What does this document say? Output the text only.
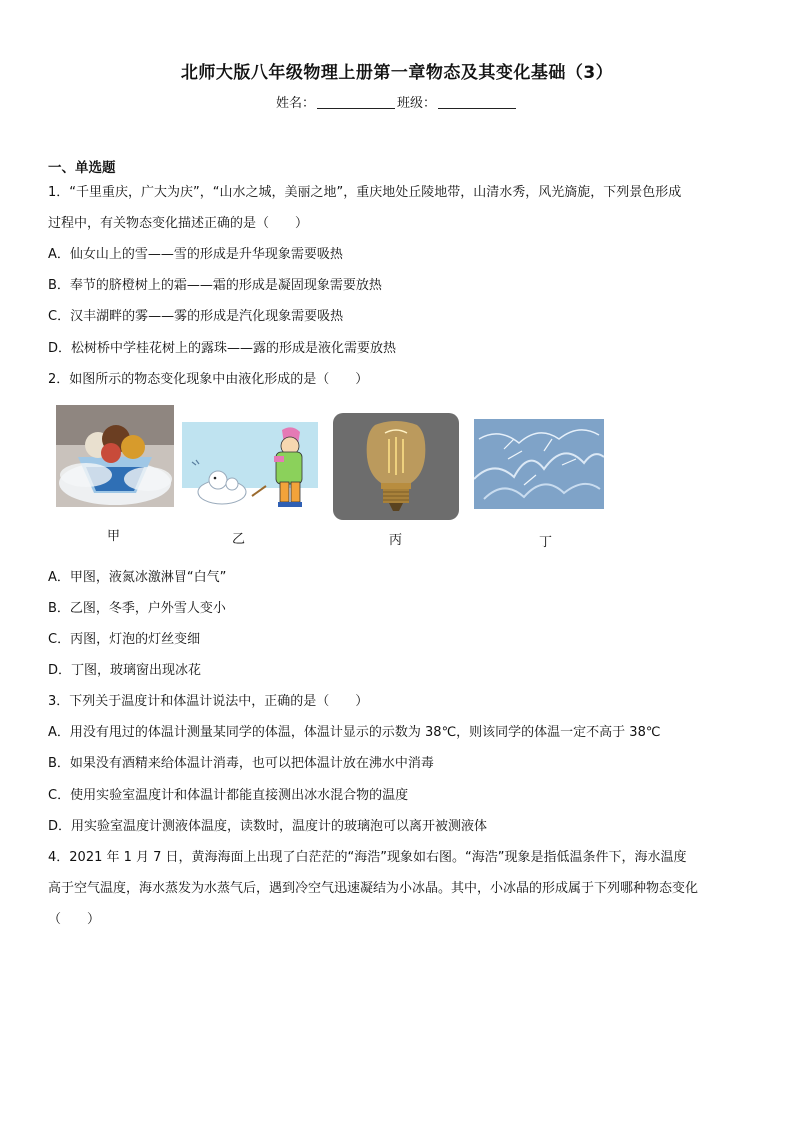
北师大版八年级物理上册第一章物态及其变化基础（3）
姓名：	班级：
一、单选题
1．“千里重庆，广大为庆”，“山水之城，美丽之地”，重庆地处丘陵地带，山清水秀，风光旖旎，下列景色形成
过程中，有关物态变化描述正确的是（　　）
A．仙女山上的雪——雪的形成是升华现象需要吸热
B．奉节的脐橙树上的霜——霜的形成是凝固现象需要放热
C．汉丰湖畔的雾——雾的形成是汽化现象需要吸热
D．松树桥中学桂花树上的露珠——露的形成是液化需要放热
2．如图所示的物态变化现象中由液化形成的是（　　）
甲	乙	丙	丁
A．甲图，液氮冰激淋冒“白气”
B．乙图，冬季，户外雪人变小
C．丙图，灯泡的灯丝变细
D．丁图，玻璃窗出现冰花
3．下列关于温度计和体温计说法中，正确的是（　　）
A．用没有甩过的体温计测量某同学的体温，体温计显示的示数为 38℃，则该同学的体温一定不高于 38℃
B．如果没有酒精来给体温计消毒，也可以把体温计放在沸水中消毒
C．使用实验室温度计和体温计都能直接测出冰水混合物的温度
D．用实验室温度计测液体温度，读数时，温度计的玻璃泡可以离开被测液体
4．2021 年 1 月 7 日，黄海海面上出现了白茫茫的“海浩”现象如右图。“海浩”现象是指低温条件下，海水温度
高于空气温度，海水蒸发为水蒸气后，遇到冷空气迅速凝结为小冰晶。其中，小冰晶的形成属于下列哪种物态变化
（　　）
